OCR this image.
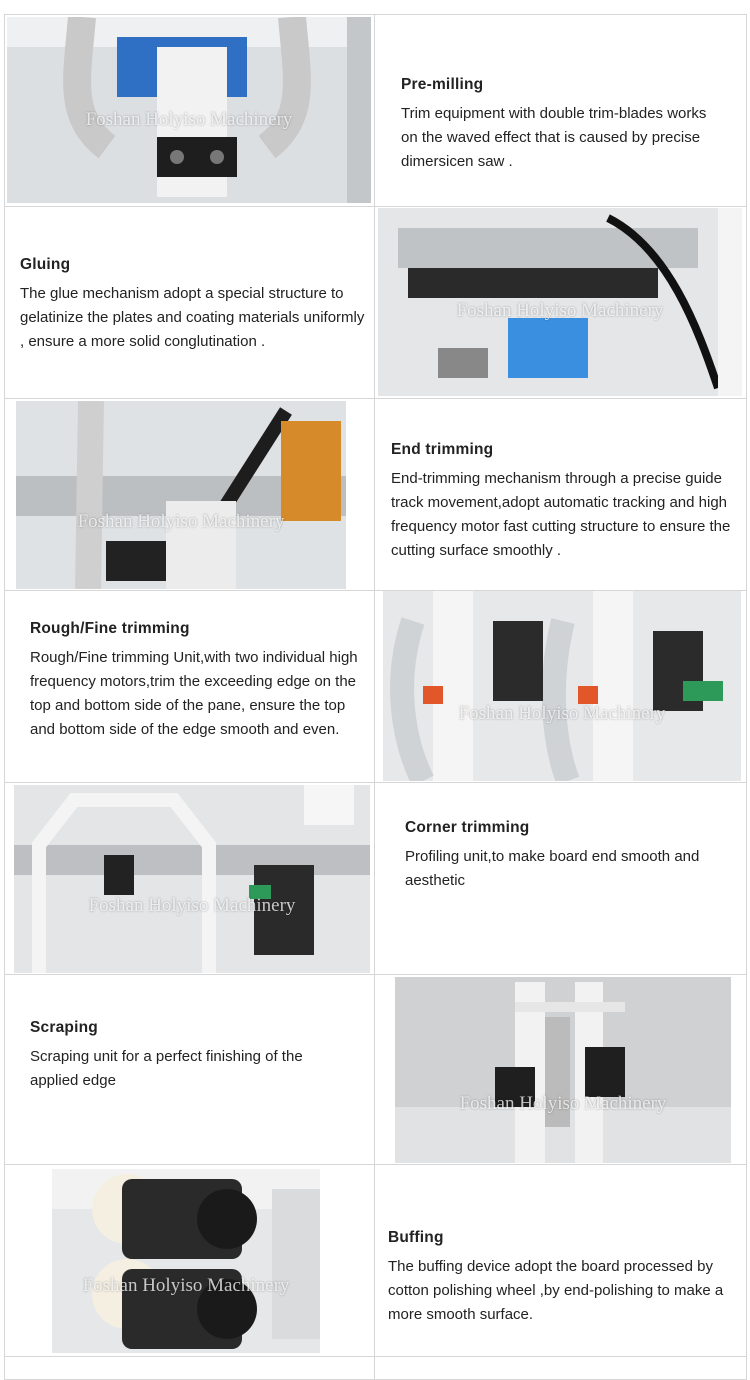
Foshan Holyiso Machinery

Pre-milling

Trim equipment with double trim-blades works on the waved effect that is caused by precise dimersicen saw .

Gluing

The glue mechanism adopt a special structure to gelatinize the plates and coating materials uniformly , ensure a more solid conglutination .

Foshan Holyiso Machinery
Foshan Holyiso Machinery

End trimming

End-trimming mechanism through a precise guide track movement,adopt automatic tracking and high frequency motor fast cutting structure to ensure the cutting surface smoothly .

Rough/Fine trimming

Rough/Fine trimming Unit,with two individual high frequency motors,trim the exceeding edge on the top and bottom side of the pane, ensure the top and bottom side of the edge smooth and even.

Foshan Holyiso Machinery
Foshan Holyiso Machinery

Corner trimming

Profiling unit,to make board end smooth and aesthetic

Scraping

Scraping unit for a perfect finishing of the applied edge

Foshan Holyiso Machinery
Foshan Holyiso Machinery

Buffing

The buffing device adopt the board processed by cotton polishing wheel ,by end-polishing to make a more smooth surface.
